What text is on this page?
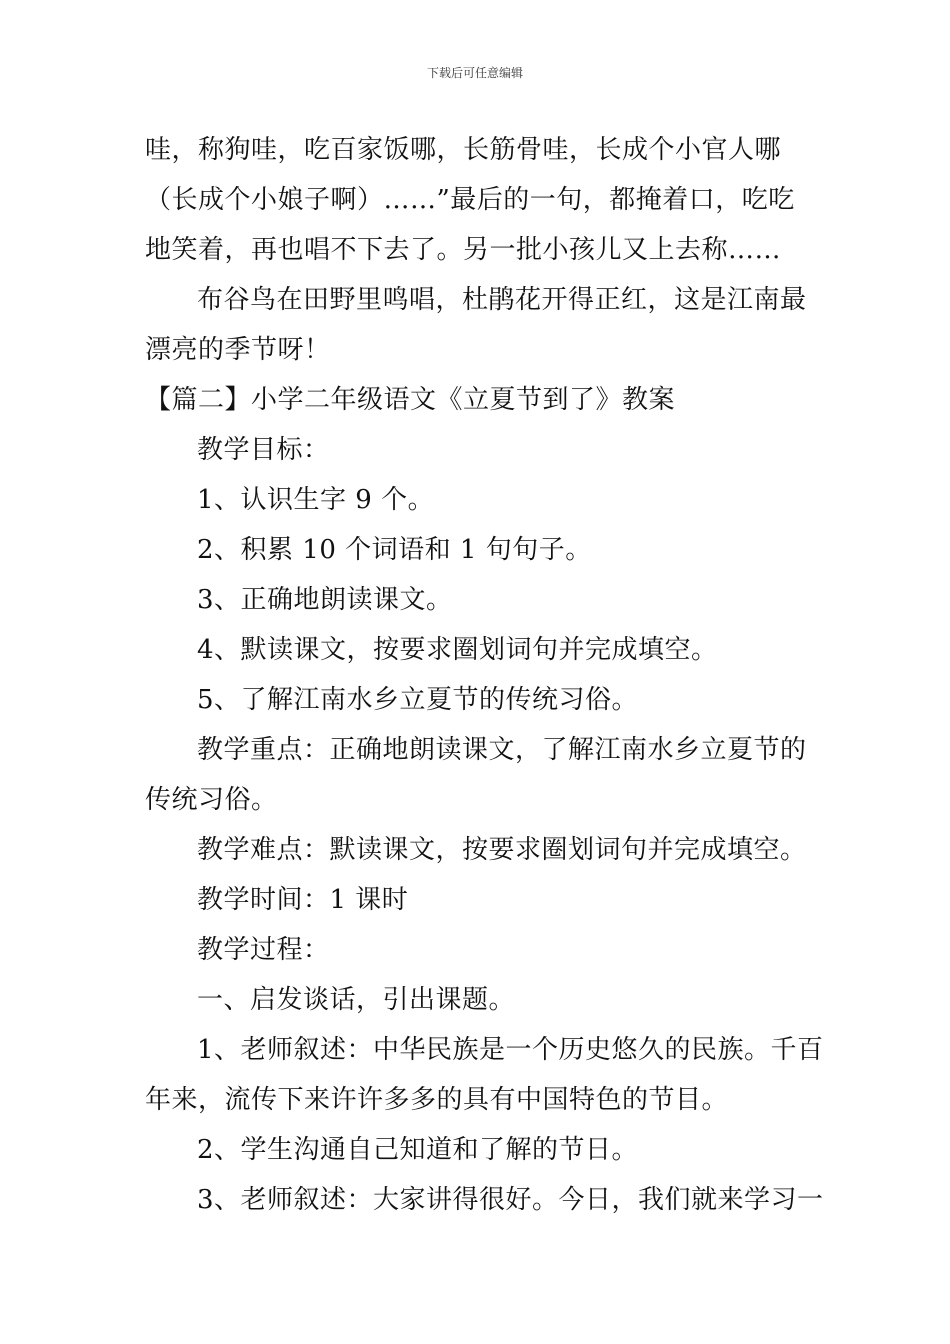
下载后可任意编辑
哇，称狗哇，吃百家饭哪，长筋骨哇，长成个小官人哪
（长成个小娘子啊）……”最后的一句，都掩着口，吃吃
地笑着，再也唱不下去了。另一批小孩儿又上去称……
布谷鸟在田野里鸣唱，杜鹃花开得正红，这是江南最
漂亮的季节呀！
【篇二】小学二年级语文《立夏节到了》教案
教学目标：
1、认识生字 9 个。
2、积累 10 个词语和 1 句句子。
3、正确地朗读课文。
4、默读课文，按要求圈划词句并完成填空。
5、了解江南水乡立夏节的传统习俗。
教学重点：正确地朗读课文，了解江南水乡立夏节的
传统习俗。
教学难点：默读课文，按要求圈划词句并完成填空。
教学时间：1 课时
教学过程：
一、启发谈话，引出课题。
1、老师叙述：中华民族是一个历史悠久的民族。千百
年来，流传下来许许多多的具有中国特色的节目。
2、学生沟通自己知道和了解的节日。
3、老师叙述：大家讲得很好。今日，我们就来学习一
